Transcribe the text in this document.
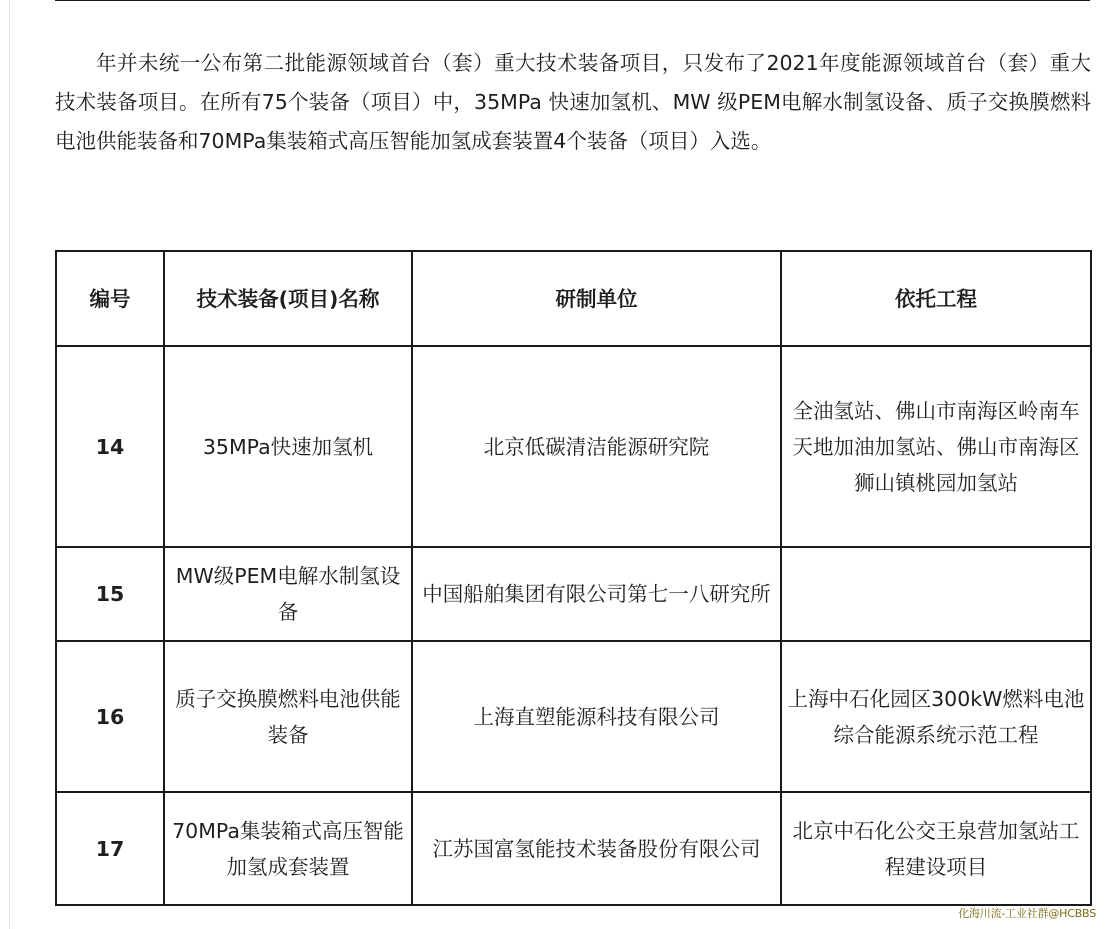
年并未统一公布第二批能源领域首台（套）重大技术装备项目，只发布了2021年度能源领域首台（套）重大技术装备项目。在所有75个装备（项目）中，35MPa 快速加氢机、MW 级PEM电解水制氢设备、质子交换膜燃料电池供能装备和70MPa集装箱式高压智能加氢成套装置4个装备（项目）入选。

编号	技术装备(项目)名称	研制单位	依托工程
14	35MPa快速加氢机	北京低碳清洁能源研究院	全油氢站、佛山市南海区岭南车天地加油加氢站、佛山市南海区狮山镇桃园加氢站
15	MW级PEM电解水制氢设备	中国船舶集团有限公司第七一八研究所	
16	质子交换膜燃料电池供能装备	上海直塑能源科技有限公司	上海中石化园区300kW燃料电池综合能源系统示范工程
17	70MPa集装箱式高压智能加氢成套装置	江苏国富氢能技术装备股份有限公司	北京中石化公交王泉营加氢站工程建设项目
化海川流-工业社群@HCBBS
